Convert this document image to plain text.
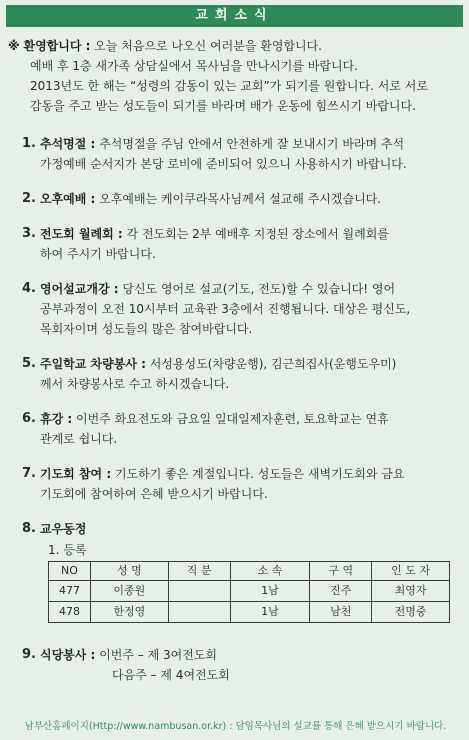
교회소식
※ 환영합니다 : 오늘 처음으로 나오신 여러분을 환영합니다.
예배 후 1층 새가족 상담실에서 목사님을 만나시기를 바랍니다.
2013년도 한 해는 “성령의 감동이 있는 교회”가 되기를 원합니다. 서로 서로
감동을 주고 받는 성도들이 되기를 바라며 배가 운동에 힘쓰시기 바랍니다.
1. 추석명절 : 추석명절을 주님 안에서 안전하게 잘 보내시기 바라며 추석
가정예배 순서지가 본당 로비에 준비되어 있으니 사용하시기 바랍니다.
2. 오후예배 : 오후예배는 케이쿠라목사님께서 설교해 주시겠습니다.
3. 전도회 월례회 : 각 전도회는 2부 예배후 지정된 장소에서 월례회를
하여 주시기 바랍니다.
4. 영어설교개강 : 당신도 영어로 설교(기도, 전도)할 수 있습니다! 영어
공부과정이 오전 10시부터 교육관 3층에서 진행됩니다. 대상은 평신도,
목회자이며 성도들의 많은 참여바랍니다.
5. 주일학교 차량봉사 : 서성용성도(차량운행), 김근희집사(운행도우미)
께서 차량봉사로 수고 하시겠습니다.
6. 휴강 : 이번주 화요전도와 금요일 일대일제자훈련, 토요학교는 연휴
관계로 쉽니다.
7. 기도회 참여 : 기도하기 좋은 계절입니다. 성도들은 새벽기도회와 금요
기도회에 참여하여 은혜 받으시기 바랍니다.
8. 교우동정
1. 등록
NO	성 명	직 분	소 속	구 역	인 도 자
477	이종원		1남	진주	최영자
478	한정영		1남	남천	전명중
9. 식당봉사 : 이번주 – 제 3여전도회
다음주 – 제 4여전도회
남부산홈페이지(Http://www.nambusan.or.kr) : 담임목사님의 설교를 통해 은혜 받으시기 바랍니다.
